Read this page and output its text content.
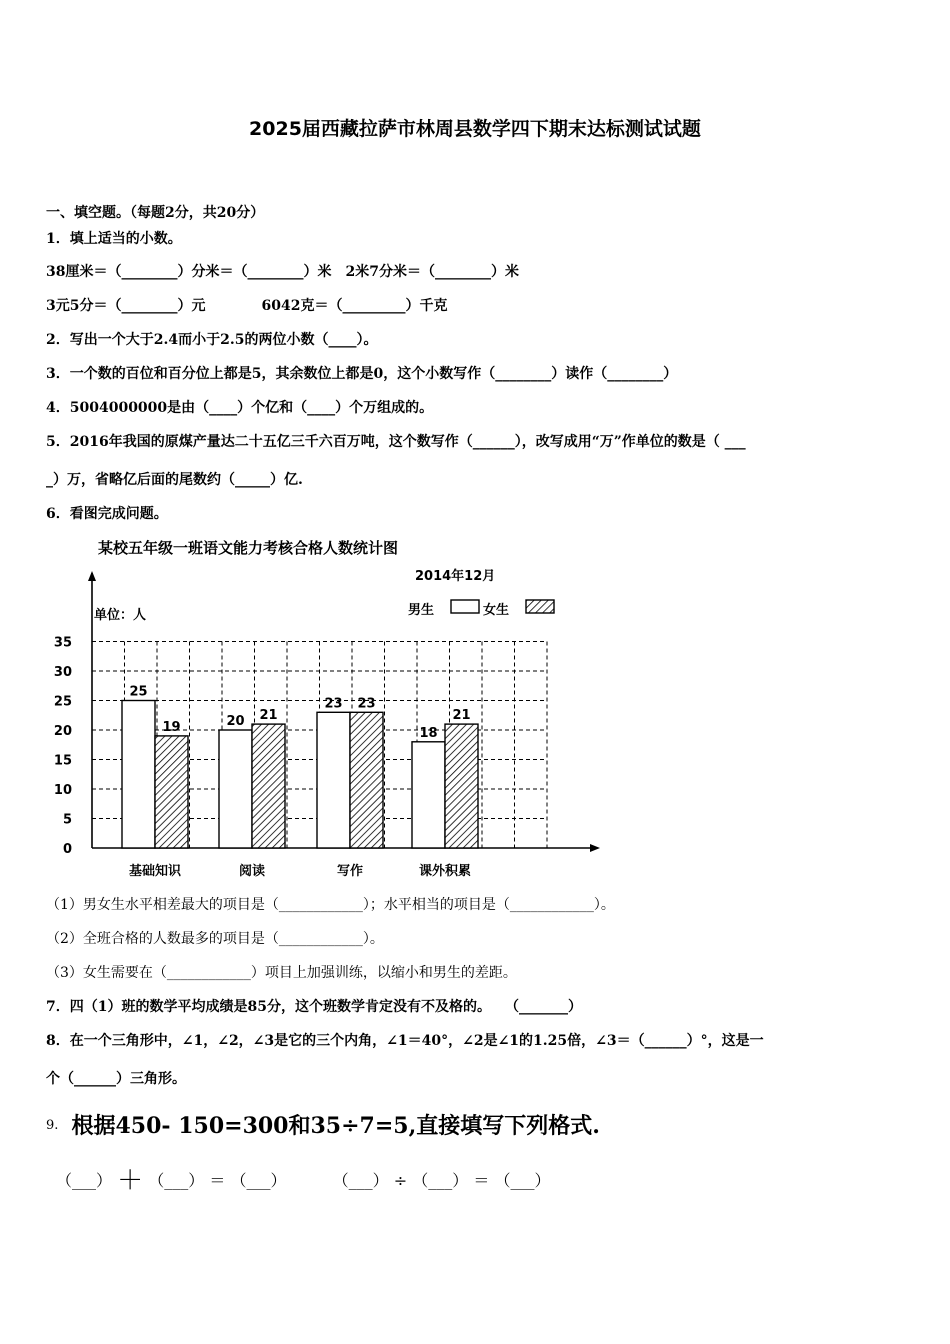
2025届西藏拉萨市林周县数学四下期末达标测试试题
一、填空题。（每题2分，共20分）
1．填上适当的小数。
38厘米＝（________）分米＝（________）米　2米7分米＝（________）米
3元5分＝（________）元　　　　6042克＝（_________）千克
2．写出一个大于2.4而小于2.5的两位小数（____）。
3．一个数的百位和百分位上都是5，其余数位上都是0，这个小数写作（________）读作（________）
4．5004000000是由（____）个亿和（____）个万组成的。
5．2016年我国的原煤产量达二十五亿三千六百万吨，这个数写作（______），改写成用“万”作单位的数是（ ___
_）万，省略亿后面的尾数约（_____）亿.
6．看图完成问题。
某校五年级一班语文能力考核合格人数统计图
2014年12月
单位：人	男生	女生
0
5
10
15
20
25
30
35
25
19
基础知识
20 21
阅读
23 23
写作
18
21
课外积累
（1）男女生水平相差最大的项目是（____________）；水平相当的项目是（____________）。
（2）全班合格的人数最多的项目是（____________）。
（3）女生需要在（____________）项目上加强训练，以缩小和男生的差距。
7．四（1）班的数学平均成绩是85分，这个班数学肯定没有不及格的。　　（_______）
8．在一个三角形中，∠1，∠2，∠3是它的三个内角，∠1＝40°，∠2是∠1的1.25倍，∠3＝（______）°，这是一
个（______）三角形。
$^{9.}$ 根据450- 150=300和35÷7=5,直接填写下列格式.
（___） ＋ （___） ＝ （___）	（___） ÷ （___） ＝ （___）
